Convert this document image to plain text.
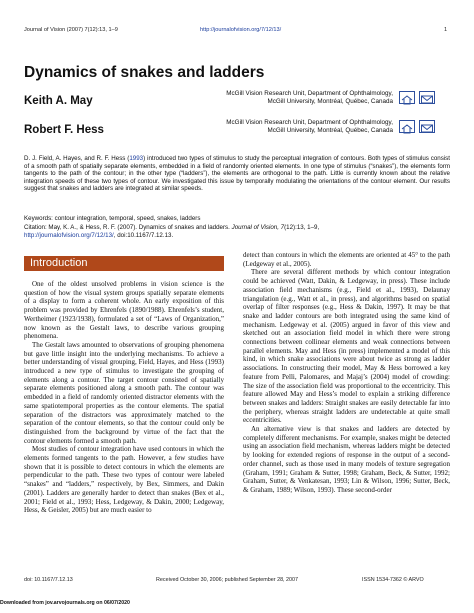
Journal of Vision (2007) 7(12):13, 1–9	http://journalofvision.org/7/12/13/	1
Dynamics of snakes and ladders
Keith A. May
McGill Vision Research Unit, Department of Ophthalmology,
McGill University, Montréal, Québec, Canada
Robert F. Hess
McGill Vision Research Unit, Department of Ophthalmology,
McGill University, Montréal, Québec, Canada
D. J. Field, A. Hayes, and R. F. Hess (1993) introduced two types of stimulus to study the perceptual integration of contours. Both types of stimulus consist of a smooth path of spatially separate elements, embedded in a field of randomly oriented elements. In one type of stimulus (“snakes”), the elements form tangents to the path of the contour; in the other type (“ladders”), the elements are orthogonal to the path. Little is currently known about the relative integration speeds of these two types of contour. We investigated this issue by temporally modulating the orientations of the contour element. Our results suggest that snakes and ladders are integrated at similar speeds.
Keywords: contour integration, temporal, speed, snakes, ladders
Citation: May, K. A., & Hess, R. F. (2007). Dynamics of snakes and ladders. Journal of Vision, 7(12):13, 1–9,
http://journalofvision.org/7/12/13/, doi:10.1167/7.12.13.
Introduction

One of the oldest unsolved problems in vision science is the question of how the visual system groups spatially separate elements of a display to form a coherent whole. An early exposition of this problem was provided by Ehrenfels (1890/1988). Ehrenfels’s student, Wertheimer (1923/1938), formulated a set of “Laws of Organization,” now known as the Gestalt laws, to describe various grouping phenomena.

The Gestalt laws amounted to observations of grouping phenomena but gave little insight into the underlying mechanisms. To achieve a better understanding of visual grouping, Field, Hayes, and Hess (1993) introduced a new type of stimulus to investigate the grouping of elements along a contour. The target contour consisted of spatially separate elements positioned along a smooth path. The contour was embedded in a field of randomly oriented distractor elements with the same spatiotemporal properties as the contour elements. The spatial separation of the distractors was approximately matched to the separation of the contour elements, so that the contour could only be distinguished from the background by virtue of the fact that the contour elements formed a smooth path.

Most studies of contour integration have used contours in which the elements formed tangents to the path. However, a few studies have shown that it is possible to detect contours in which the elements are perpendicular to the path. These two types of contour were labeled “snakes” and “ladders,” respectively, by Bex, Simmers, and Dakin (2001). Ladders are generally harder to detect than snakes (Bex et al., 2001; Field et al., 1993; Hess, Ledgeway, & Dakin, 2000; Ledgeway, Hess, & Geisler, 2005) but are much easier to

detect than contours in which the elements are oriented at 45° to the path (Ledgeway et al., 2005).

There are several different methods by which contour integration could be achieved (Watt, Dakin, & Ledgeway, in press). These include association field mechanisms (e.g., Field et al., 1993), Delaunay triangulation (e.g., Watt et al., in press), and algorithms based on spatial overlap of filter responses (e.g., Hess & Dakin, 1997). It may be that snake and ladder contours are both integrated using the same kind of mechanism. Ledgeway et al. (2005) argued in favor of this view and sketched out an association field model in which there were strong connections between collinear elements and weak connections between parallel elements. May and Hess (in press) implemented a model of this kind, in which snake associations were about twice as strong as ladder associations. In constructing their model, May & Hess borrowed a key feature from Pelli, Palomares, and Majaj’s (2004) model of crowding: The size of the association field was proportional to the eccentricity. This feature allowed May and Hess’s model to explain a striking difference between snakes and ladders: Straight snakes are easily detectable far into the periphery, whereas straight ladders are undetectable at quite small eccentricities.

An alternative view is that snakes and ladders are detected by completely different mechanisms. For example, snakes might be detected using an association field mechanism, whereas ladders might be detected by looking for extended regions of response in the output of a second-order channel, such as those used in many models of texture segregation (Graham, 1991; Graham & Sutter, 1998; Graham, Beck, & Sutter, 1992; Graham, Sutter, & Venkatesan, 1993; Lin & Wilson, 1996; Sutter, Beck, & Graham, 1989; Wilson, 1993). These second-order

doi: 10.1167/7.12.13	Received October 30, 2006; published September 28, 2007	ISSN 1534-7362 © ARVO
Downloaded from jov.arvojournals.org on 06/07/2020
